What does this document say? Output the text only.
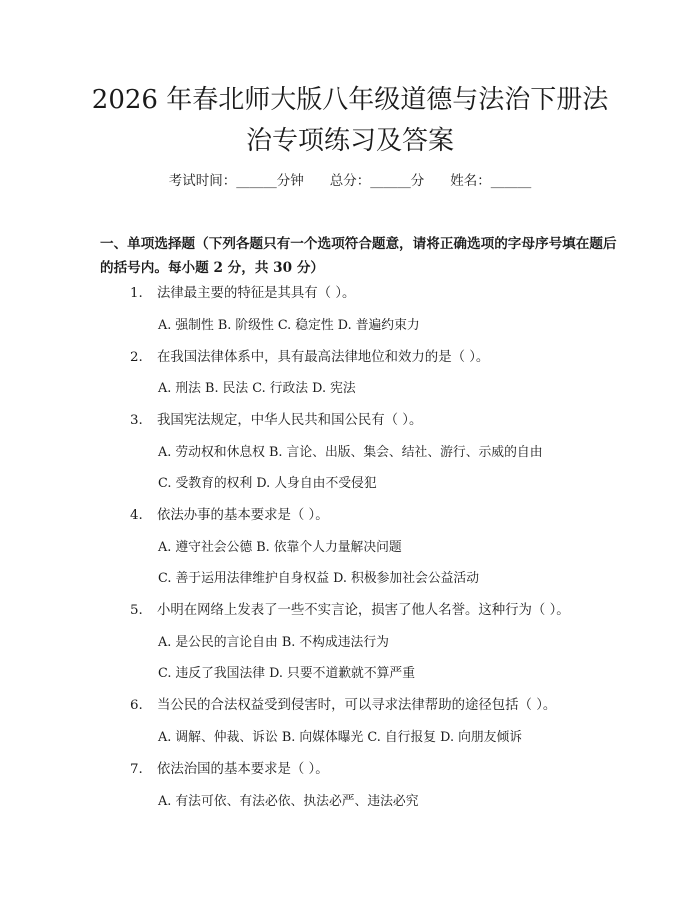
2026 年春北师大版八年级道德与法治下册法
治专项练习及答案
考试时间：______分钟 总分：______分 姓名：______

一、单项选择题（下列各题只有一个选项符合题意，请将正确选项的字母序号填在题后的括号内。每小题 2 分，共 30 分）

1. 法律最主要的特征是其具有（ ）。
A. 强制性 B. 阶级性 C. 稳定性 D. 普遍约束力
2. 在我国法律体系中，具有最高法律地位和效力的是（ ）。
A. 刑法 B. 民法 C. 行政法 D. 宪法
3. 我国宪法规定，中华人民共和国公民有（ ）。
A. 劳动权和休息权 B. 言论、出版、集会、结社、游行、示威的自由
C. 受教育的权利 D. 人身自由不受侵犯
4. 依法办事的基本要求是（ ）。
A. 遵守社会公德 B. 依靠个人力量解决问题
C. 善于运用法律维护自身权益 D. 积极参加社会公益活动
5. 小明在网络上发表了一些不实言论，损害了他人名誉。这种行为（ ）。
A. 是公民的言论自由 B. 不构成违法行为
C. 违反了我国法律 D. 只要不道歉就不算严重
6. 当公民的合法权益受到侵害时，可以寻求法律帮助的途径包括（ ）。
A. 调解、仲裁、诉讼 B. 向媒体曝光 C. 自行报复 D. 向朋友倾诉
7. 依法治国的基本要求是（ ）。
A. 有法可依、有法必依、执法必严、违法必究
